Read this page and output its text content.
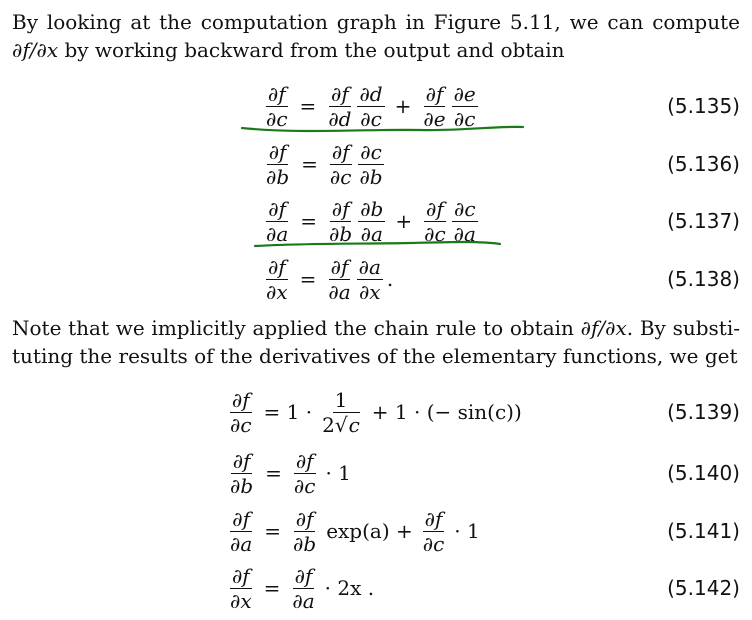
By looking at the computation graph in Figure 5.11, we can compute
∂f/∂x by working backward from the output and obtain
$\frac{\partial f}{\partial c} = \frac{\partial f}{\partial d} \frac{\partial d}{\partial c} + \frac{\partial f}{\partial e} \frac{\partial e}{\partial c}$	(5.135)
$\frac{\partial f}{\partial b} = \frac{\partial f}{\partial c} \frac{\partial c}{\partial b}$	(5.136)
$\frac{\partial f}{\partial a} = \frac{\partial f}{\partial b} \frac{\partial b}{\partial a} + \frac{\partial f}{\partial c} \frac{\partial c}{\partial a}$	(5.137)
$\frac{\partial f}{\partial x} = \frac{\partial f}{\partial a} \frac{\partial a}{\partial x}$ .	(5.138)
Note that we implicitly applied the chain rule to obtain ∂f/∂x. By substi-
tuting the results of the derivatives of the elementary functions, we get
$\frac{\partial f}{\partial c} = 1 \cdot \frac{1}{2√c} + 1$ · (− sin(c))	(5.139)
$\frac{\partial f}{\partial b} = \frac{\partial f}{\partial c} \cdot 1$	(5.140)
$\frac{\partial f}{\partial a} = \frac{\partial f}{\partial b} \exp(a) + \frac{\partial f}{\partial c} \cdot 1$	(5.141)
$\frac{\partial f}{\partial x} = \frac{\partial f}{\partial a} \cdot 2x$ .	(5.142)
